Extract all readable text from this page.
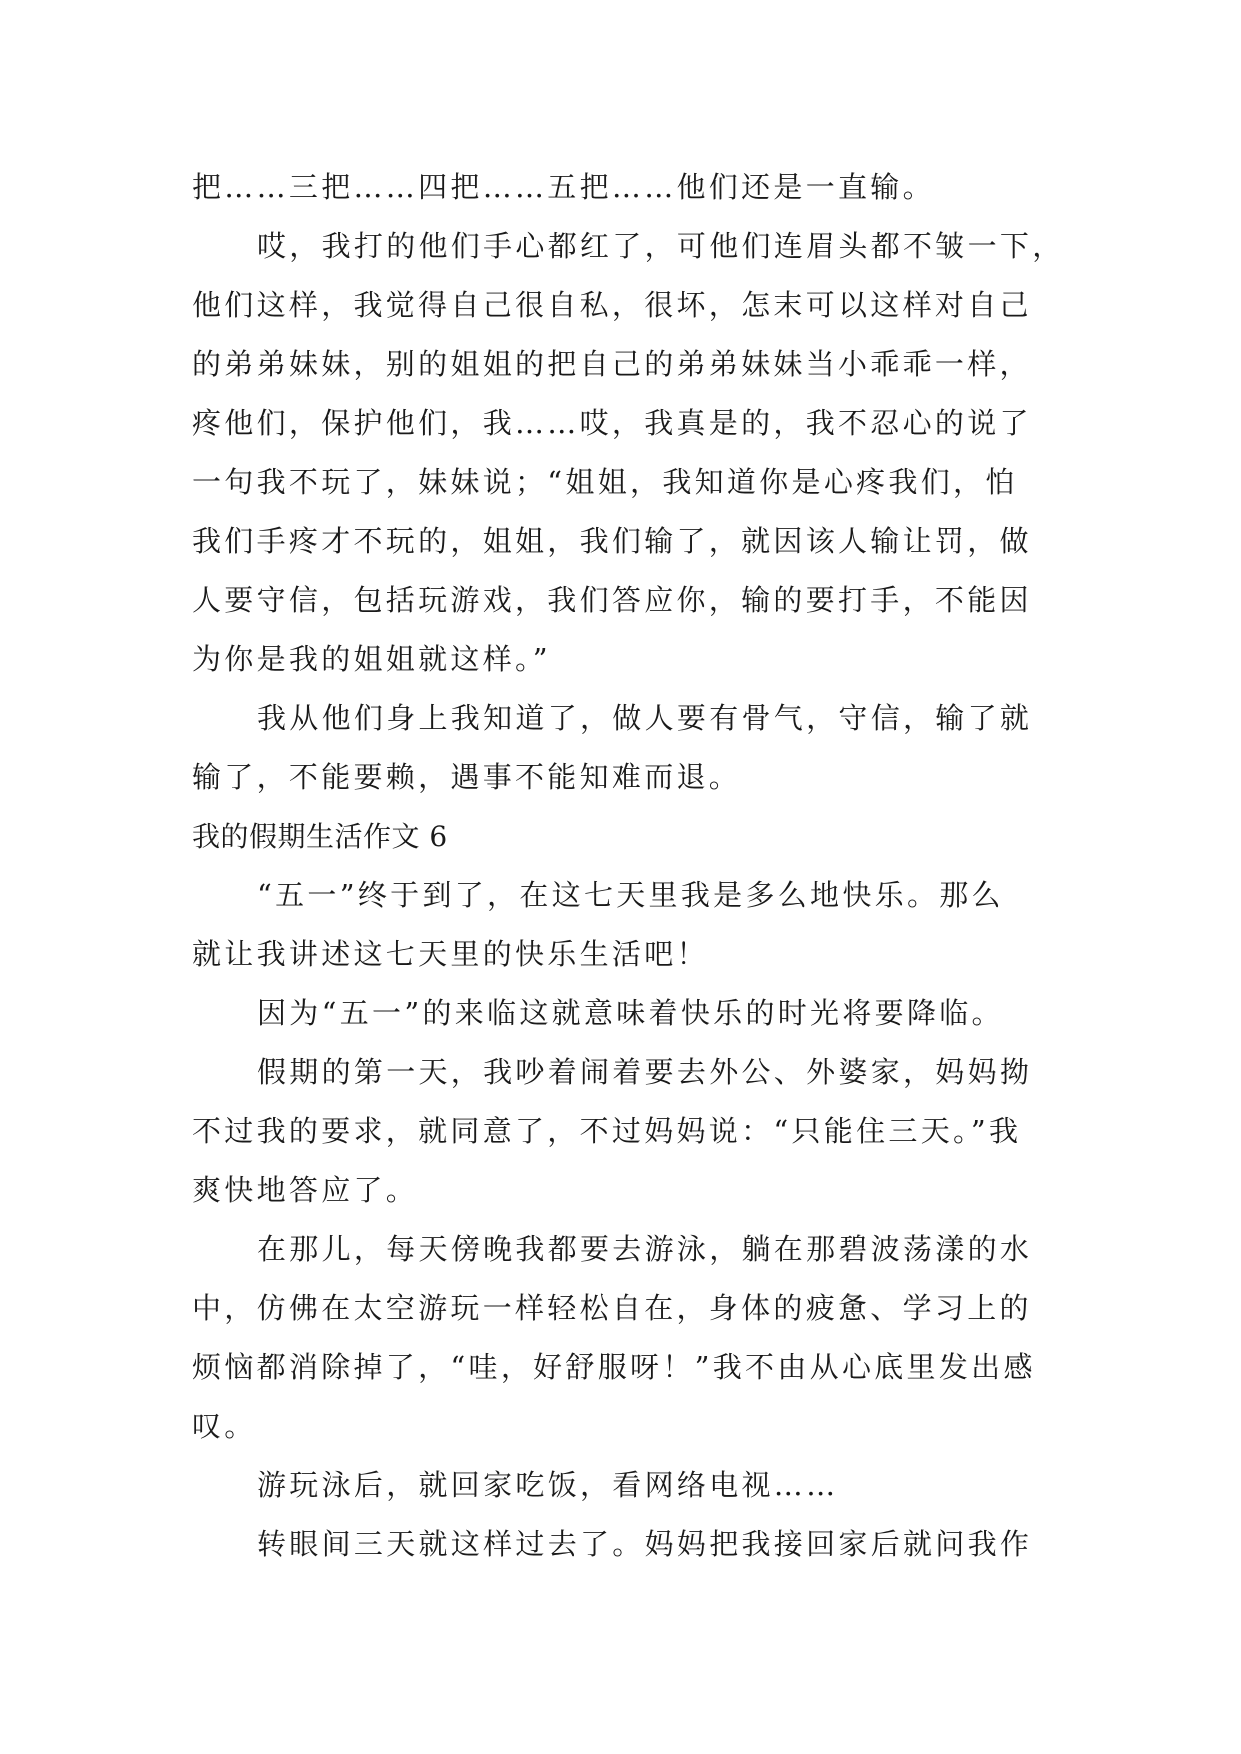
把……三把……四把……五把……他们还是一直输。
哎，我打的他们手心都红了，可他们连眉头都不皱一下，
他们这样，我觉得自己很自私，很坏，怎末可以这样对自己
的弟弟妹妹，别的姐姐的把自己的弟弟妹妹当小乖乖一样，
疼他们，保护他们，我……哎，我真是的，我不忍心的说了
一句我不玩了，妹妹说；“姐姐，我知道你是心疼我们，怕
我们手疼才不玩的，姐姐，我们输了，就因该人输让罚，做
人要守信，包括玩游戏，我们答应你，输的要打手，不能因
为你是我的姐姐就这样。”
我从他们身上我知道了，做人要有骨气，守信，输了就
输了，不能要赖，遇事不能知难而退。
我的假期生活作文 6
“五一”终于到了，在这七天里我是多么地快乐。那么
就让我讲述这七天里的快乐生活吧！
因为“五一”的来临这就意味着快乐的时光将要降临。
假期的第一天，我吵着闹着要去外公、外婆家，妈妈拗
不过我的要求，就同意了，不过妈妈说：“只能住三天。”我
爽快地答应了。
在那儿，每天傍晚我都要去游泳，躺在那碧波荡漾的水
中，仿佛在太空游玩一样轻松自在，身体的疲惫、学习上的
烦恼都消除掉了，“哇，好舒服呀！”我不由从心底里发出感
叹。
游玩泳后，就回家吃饭，看网络电视……
转眼间三天就这样过去了。妈妈把我接回家后就问我作
